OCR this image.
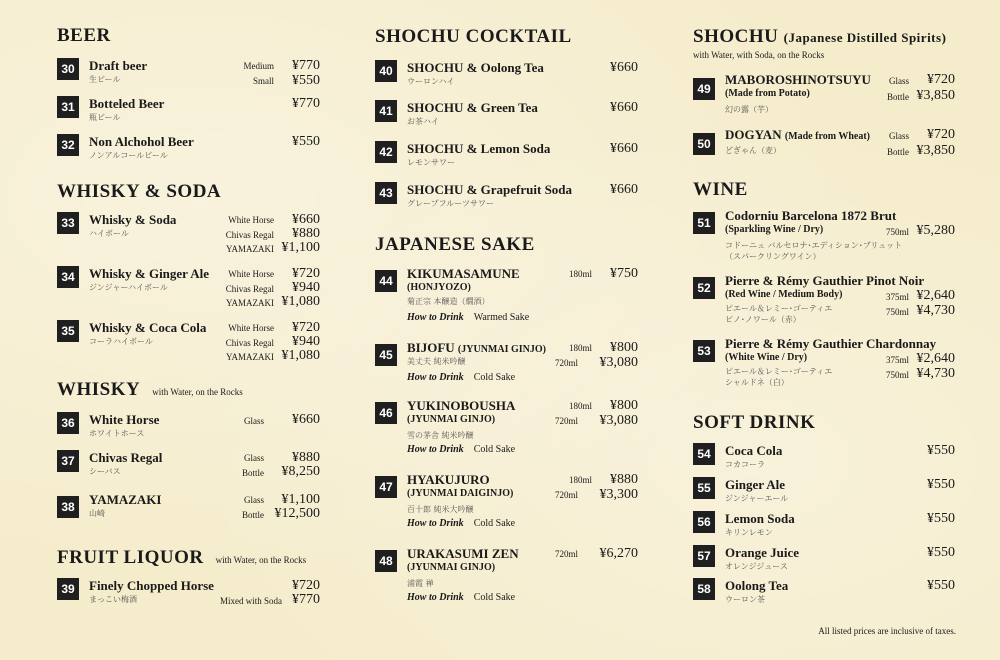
BEER
30	Draft beer
生ビール
Medium ¥770
Small ¥550
31	Botteled Beer
瓶ビール
¥770
32	Non Alchohol Beer
ノンアルコールビール
¥550
WHISKY & SODA
33	Whisky & Soda
ハイボール
White Horse ¥660
Chivas Regal ¥880
YAMAZAKI ¥1,100
34	Whisky & Ginger Ale
ジンジャーハイボール
White Horse ¥720
Chivas Regal ¥940
YAMAZAKI ¥1,080
35	Whisky & Coca Cola
コーラハイボール
White Horse ¥720
Chivas Regal ¥940
YAMAZAKI ¥1,080
WHISKY with Water, on the Rocks
36	White Horse
ホワイトホース
Glass ¥660
37	Chivas Regal
シーバス
Glass ¥880
Bottle ¥8,250
38	YAMAZAKI
山崎
Glass ¥1,100
Bottle ¥12,500
FRUIT LIQUOR with Water, on the Rocks
39	Finely Chopped Horse
まっこい梅酒
¥720
Mixed with Soda ¥770
SHOCHU COCKTAIL
40	SHOCHU & Oolong Tea
ウーロンハイ
¥660
41	SHOCHU & Green Tea
お茶ハイ
¥660
42	SHOCHU & Lemon Soda
レモンサワー
¥660
43	SHOCHU & Grapefruit Soda
グレープフルーツサワー
¥660
JAPANESE SAKE
44	KIKUMASAMUNE
(HONJYOZO)
菊正宗 本醸造（燗酒）
How to Drink Warmed Sake
180ml ¥750
45	BIJOFU (JYUNMAI GINJO)
美丈夫 純米吟醸
How to Drink Cold Sake
180ml ¥800
720ml ¥3,080
46	YUKINOBOUSHA
(JYUNMAI GINJO)
雪の茅舎 純米吟醸
How to Drink Cold Sake
180ml ¥800
720ml ¥3,080
47	HYAKUJURO
(JYUNMAI DAIGINJO)
百十郎 純米大吟醸
How to Drink Cold Sake
180ml ¥880
720ml ¥3,300
48	URAKASUMI ZEN
(JYUNMAI GINJO)
浦霞 禅
How to Drink Cold Sake
720ml ¥6,270
SHOCHU (Japanese Distilled Spirits)
with Water, with Soda, on the Rocks
49
MABOROSHINOTSUYU
(Made from Potato)
幻の露（芋）
Glass ¥720
Bottle ¥3,850
50
DOGYAN (Made from Wheat)
どぎゃん（麦）
Glass ¥720
Bottle ¥3,850
WINE
51	Codorniu Barcelona 1872 Brut
(Sparkling Wine / Dry)
コドーニュ バルセロナ･エディション･ブリュット
（スパークリングワイン）
750ml ¥5,280
52	Pierre & Rémy Gauthier Pinot Noir
(Red Wine / Medium Body)
ピエール＆レミー･ゴーティエ
ピノ･ノワール（赤）
375ml ¥2,640
750ml ¥4,730
53	Pierre & Rémy Gauthier Chardonnay
(White Wine / Dry)
ピエール＆レミー･ゴーティエ
シャルドネ（白）
375ml ¥2,640
750ml ¥4,730
SOFT DRINK
54	Coca Cola
コカコーラ
¥550
55	Ginger Ale
ジンジャーエール
¥550
56	Lemon Soda
キリンレモン
¥550
57	Orange Juice
オレンジジュース
¥550
58	Oolong Tea
ウーロン茶
¥550
All listed prices are inclusive of taxes.
